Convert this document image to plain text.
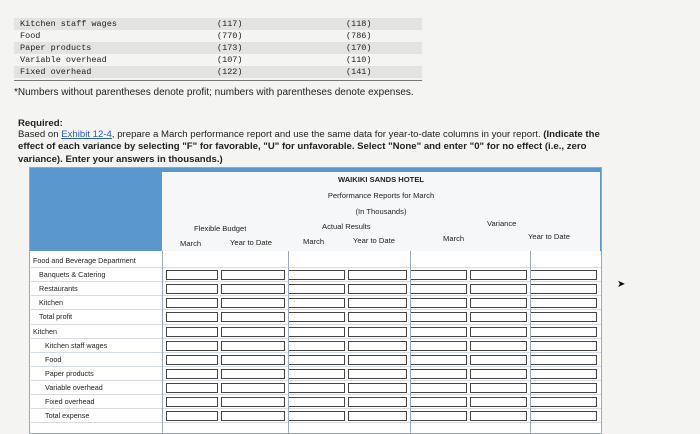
Kitchen staff wages	(117)	(118)
Food	(770)	(786)
Paper products	(173)	(170)
Variable overhead	(107)	(110)
Fixed overhead	(122)	(141)
*Numbers without parentheses denote profit; numbers with parentheses denote expenses.
Required:
Based on Exhibit 12-4, prepare a March performance report and use the same data for year-to-date columns in your report. (Indicate the effect of each variance by selecting "F" for favorable, "U" for unfavorable. Select "None" and enter "0" for no effect (i.e., zero variance). Enter your answers in thousands.)
WAIKIKI SANDS HOTEL
Performance Reports for March
(In Thousands)
Flexible Budget	Actual Results	Variance
March	Year to Date	March	Year to Date	March	Year to Date
Food and Beverage Department
Banquets & Catering
Restaurants
Kitchen
Total profit
Kitchen
Kitchen staff wages
Food
Paper products
Variable overhead
Fixed overhead
Total expense
➤
